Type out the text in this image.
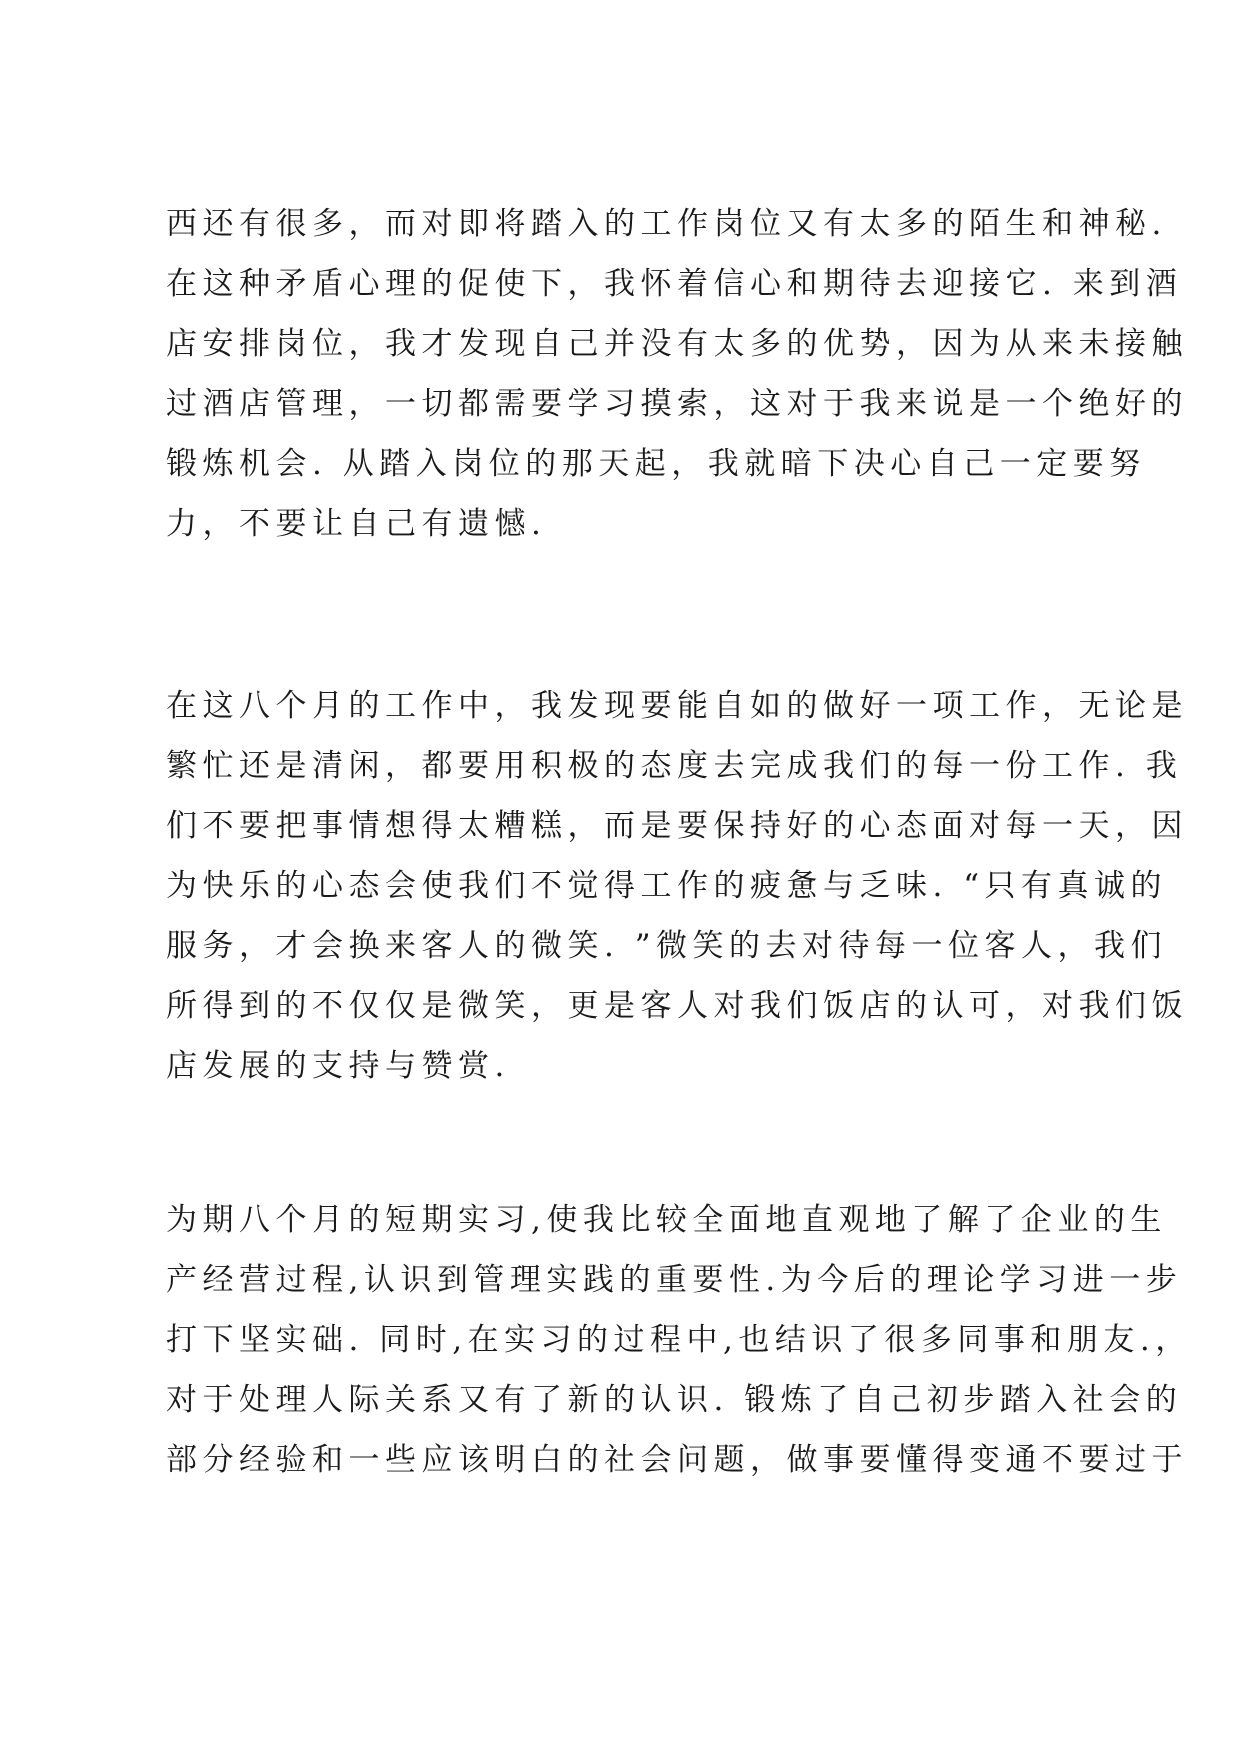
西还有很多，而对即将踏入的工作岗位又有太多的陌生和神秘.
在这种矛盾心理的促使下，我怀着信心和期待去迎接它. 来到酒
店安排岗位，我才发现自己并没有太多的优势，因为从来未接触
过酒店管理，一切都需要学习摸索，这对于我来说是一个绝好的
锻炼机会. 从踏入岗位的那天起，我就暗下决心自己一定要努
力，不要让自己有遗憾.
在这八个月的工作中，我发现要能自如的做好一项工作，无论是
繁忙还是清闲，都要用积极的态度去完成我们的每一份工作. 我
们不要把事情想得太糟糕，而是要保持好的心态面对每一天，因
为快乐的心态会使我们不觉得工作的疲惫与乏味. “只有真诚的
服务，才会换来客人的微笑. ”微笑的去对待每一位客人，我们
所得到的不仅仅是微笑，更是客人对我们饭店的认可，对我们饭
店发展的支持与赞赏.
为期八个月的短期实习,使我比较全面地直观地了解了企业的生
产经营过程,认识到管理实践的重要性.为今后的理论学习进一步
打下坚实础. 同时,在实习的过程中,也结识了很多同事和朋友.，
对于处理人际关系又有了新的认识. 锻炼了自己初步踏入社会的
部分经验和一些应该明白的社会问题，做事要懂得变通不要过于
